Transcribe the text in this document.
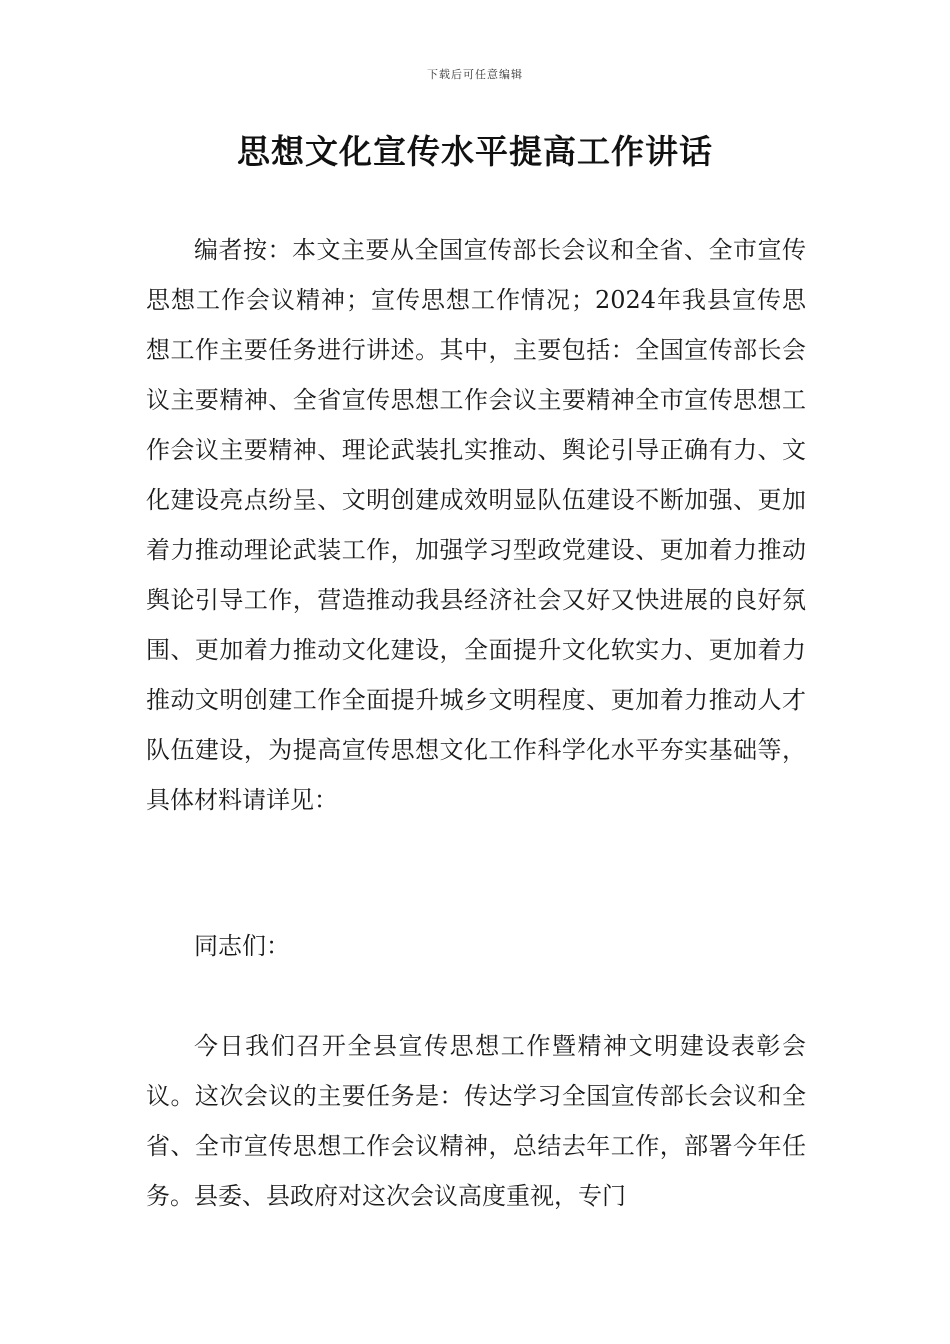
下载后可任意编辑
思想文化宣传水平提高工作讲话

编者按：本文主要从全国宣传部长会议和全省、全市宣传思想工作会议精神；宣传思想工作情况；2024年我县宣传思想工作主要任务进行讲述。其中，主要包括：全国宣传部长会议主要精神、全省宣传思想工作会议主要精神全市宣传思想工作会议主要精神、理论武装扎实推动、舆论引导正确有力、文化建设亮点纷呈、文明创建成效明显队伍建设不断加强、更加着力推动理论武装工作，加强学习型政党建设、更加着力推动舆论引导工作，营造推动我县经济社会又好又快进展的良好氛围、更加着力推动文化建设，全面提升文化软实力、更加着力推动文明创建工作全面提升城乡文明程度、更加着力推动人才队伍建设，为提高宣传思想文化工作科学化水平夯实基础等，具体材料请详见：

同志们：

今日我们召开全县宣传思想工作暨精神文明建设表彰会议。这次会议的主要任务是：传达学习全国宣传部长会议和全省、全市宣传思想工作会议精神，总结去年工作，部署今年任务。县委、县政府对这次会议高度重视，专门
